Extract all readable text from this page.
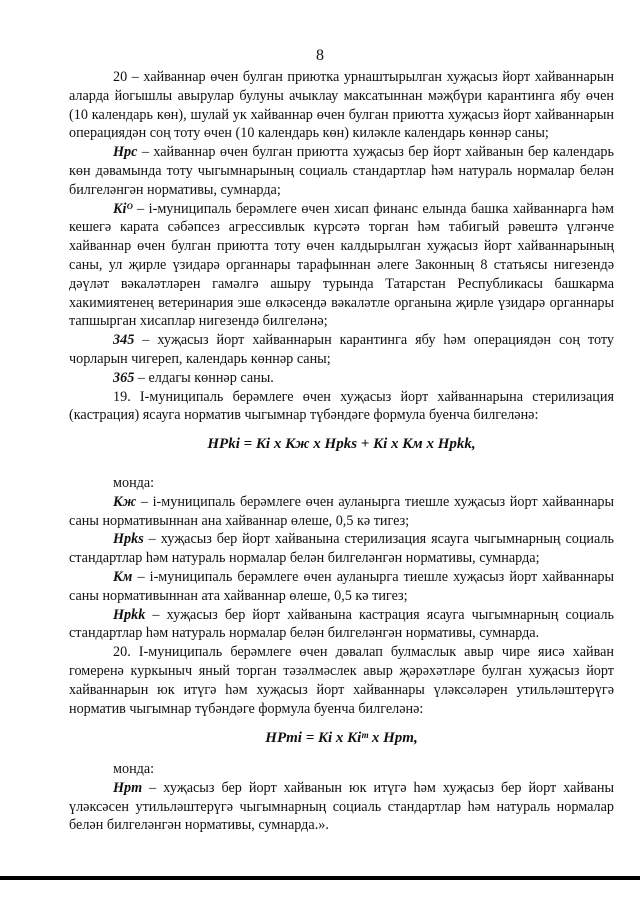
8

20 – хайваннар өчен булган приютка урнаштырылган хуҗасыз йорт хайваннарын аларда йогышлы авырулар булуны ачыклау максатыннан мәҗбүри карантинга ябу өчен (10 календарь көн), шулай ук хайваннар өчен булган приютта хуҗасыз йорт хайваннарын операциядән соң тоту өчен (10 календарь көн) киләкле календарь көннәр саны;

Нрс – хайваннар өчен булган приютта хуҗасыз бер йорт хайванын бер календарь көн дәвамында тоту чыгымнарының социаль стандартлар һәм натураль нормалар белән билгеләнгән нормативы, сумнарда;

Kiᴼ – i-муниципаль берәмлеге өчен хисап финанс елында башка хайваннарга һәм кешегә карата сәбәпсез агрессивлык күрсәтә торган һәм табигый рәвештә үлгәнче хайваннар өчен булган приютта тоту өчен калдырылган хуҗасыз йорт хайваннарының саны, ул җирле үзидарә органнары тарафыннан әлеге Законның 8 статьясы нигезендә дәүләт вәкаләтләрен гамәлгә ашыру турында Татарстан Республикасы башкарма хакимиятенең ветеринария эше өлкәсендә вәкаләтле органына җирле үзидарә органнары тапшырган хисаплар нигезендә билгеләнә;

345 – хуҗасыз йорт хайваннарын карантинга ябу һәм операциядән соң тоту чорларын чигереп, календарь көннәр саны;

365 – елдагы көннәр саны.

19. I-муниципаль берәмлеге өчен хуҗасыз йорт хайваннарына стерилизация (кастрация) ясауга норматив чыгымнар түбәндәге формула буенча билгеләнә:

НРki = Ki x Кж x Нрks + Ki x Км x Нрkk,

монда:

Кж – i-муниципаль берәмлеге өчен ауланырга тиешле хуҗасыз йорт хайваннары саны нормативыннан ана хайваннар өлеше, 0,5 кә тигез;

Нрks – хуҗасыз бер йорт хайванына стерилизация ясауга чыгымнарның социаль стандартлар һәм натураль нормалар белән билгеләнгән нормативы, сумнарда;

Км – i-муниципаль берәмлеге өчен ауланырга тиешле хуҗасыз йорт хайваннары саны нормативыннан ата хайваннар өлеше, 0,5 кә тигез;

Нрkk – хуҗасыз бер йорт хайванына кастрация ясауга чыгымнарның социаль стандартлар һәм натураль нормалар белән билгеләнгән нормативы, сумнарда.

20. I-муниципаль берәмлеге өчен дәвалап булмаслык авыр чире яисә хайван гомеренә куркыныч яный торган тәзәлмәслек авыр җәрәхәтләре булган хуҗасыз йорт хайваннарын юк итүгә һәм хуҗасыз йорт хайваннары үләксәләрен утильләштерүгә норматив чыгымнар түбәндәге формула буенча билгеләнә:

НРmi = Ki x Kiᵐ x Нрm,

монда:

Нрm – хуҗасыз бер йорт хайванын юк итүгә һәм хуҗасыз бер йорт хайваны үләксәсен утильләштерүгә чыгымнарның социаль стандартлар һәм натураль нормалар белән билгеләнгән нормативы, сумнарда.».
